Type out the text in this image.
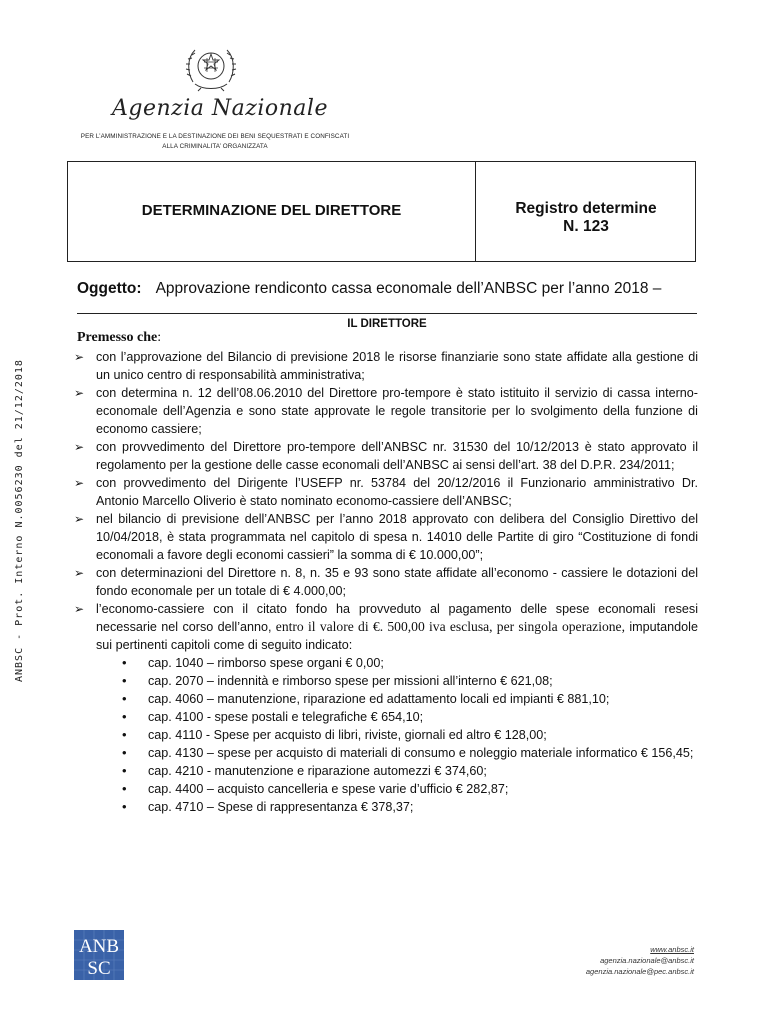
Agenzia Nazionale
PER L’AMMINISTRAZIONE E LA DESTINAZIONE DEI BENI SEQUESTRATI E CONFISCATI
ALLA CRIMINALITA’ ORGANIZZATA
DETERMINAZIONE DEL DIRETTORE	Registro determine
N. 123
ANBSC - Prot. Interno N.0056230 del 21/12/2018
Oggetto: Approvazione rendiconto cassa economale dell’ANBSC per l’anno 2018 –
IL DIRETTORE
Premesso che:
➢ con l’approvazione del Bilancio di previsione 2018 le risorse finanziarie sono state affidate alla gestione di un unico centro di responsabilità amministrativa;
➢ con determina n. 12 dell’08.06.2010 del Direttore pro-tempore è stato istituito il servizio di cassa interno-economale dell’Agenzia e sono state approvate le regole transitorie per lo svolgimento della funzione di economo cassiere;
➢ con provvedimento del Direttore pro-tempore dell’ANBSC nr. 31530 del 10/12/2013 è stato approvato il regolamento per la gestione delle casse economali dell’ANBSC ai sensi dell’art. 38 del D.P.R. 234/2011;
➢ con provvedimento del Dirigente l’USEFP nr. 53784 del 20/12/2016 il Funzionario amministrativo Dr. Antonio Marcello Oliverio è stato nominato economo-cassiere dell’ANBSC;
➢ nel bilancio di previsione dell’ANBSC per l’anno 2018 approvato con delibera del Consiglio Direttivo del 10/04/2018, è stata programmata nel capitolo di spesa n. 14010 delle Partite di giro “Costituzione di fondi economali a favore degli economi cassieri” la somma di € 10.000,00”;
➢ con determinazioni del Direttore n. 8, n. 35 e 93 sono state affidate all’economo - cassiere le dotazioni del fondo economale per un totale di € 4.000,00;
➢ l’economo-cassiere con il citato fondo ha provveduto al pagamento delle spese economali resesi necessarie nel corso dell’anno, entro il valore di €. 500,00 iva esclusa, per singola operazione, imputandole sui pertinenti capitoli come di seguito indicato:
•	cap. 1040 – rimborso spese organi € 0,00;
•	cap. 2070 – indennità e rimborso spese per missioni all’interno € 621,08;
•	cap. 4060 – manutenzione, riparazione ed adattamento locali ed impianti € 881,10;
•	cap. 4100 - spese postali e telegrafiche € 654,10;
•	cap. 4110 - Spese per acquisto di libri, riviste, giornali ed altro € 128,00;
•	cap. 4130 – spese per acquisto di materiali di consumo e noleggio materiale informatico € 156,45;
•	cap. 4210 - manutenzione e riparazione automezzi € 374,60;
•	cap. 4400 – acquisto cancelleria e spese varie d’ufficio € 282,87;
•	cap. 4710 – Spese di rappresentanza € 378,37;
ANB
SC
www.anbsc.it
agenzia.nazionale@anbsc.it
agenzia.nazionale@pec.anbsc.it
